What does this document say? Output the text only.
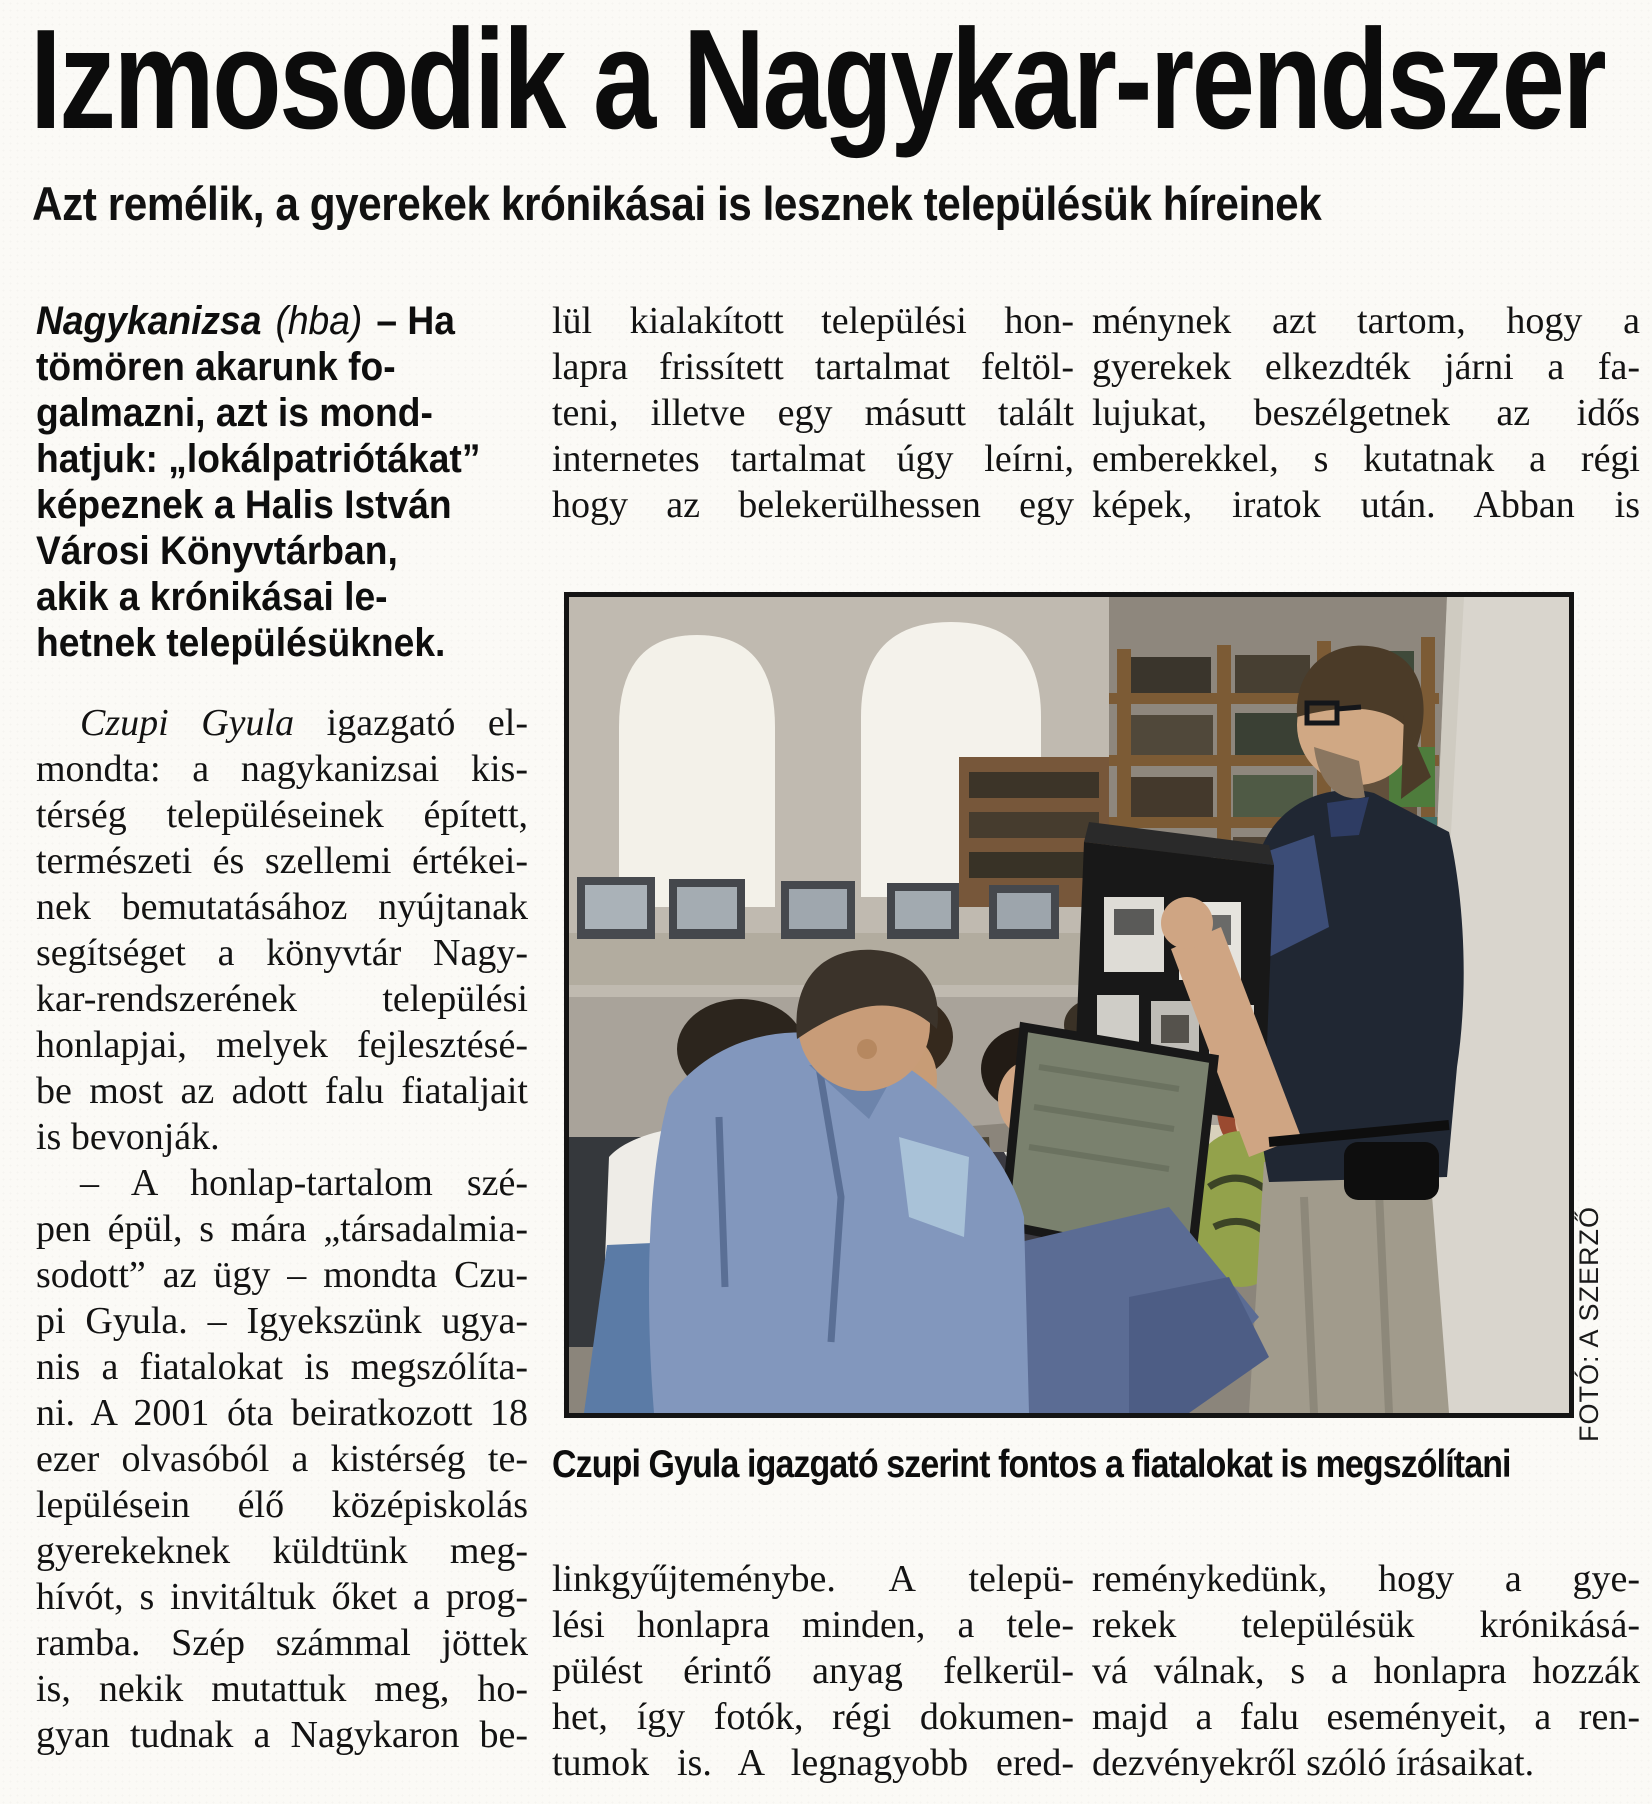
Izmosodik a Nagykar-rendszer
Azt remélik, a gyerekek krónikásai is lesznek településük híreinek
Nagykanizsa (hba) – Ha
tömören akarunk fo-
galmazni, azt is mond-
hatjuk: „lokálpatriótákat”
képeznek a Halis István
Városi Könyvtárban,
akik a krónikásai le-
hetnek településüknek.
Czupi Gyula igazgató el-
mondta: a nagykanizsai kis-
térség településeinek épített,
természeti és szellemi értékei-
nek bemutatásához nyújtanak
segítséget a könyvtár Nagy-
kar-rendszerének települési
honlapjai, melyek fejlesztésé-
be most az adott falu fiataljait
is bevonják.
– A honlap-tartalom szé-
pen épül, s mára „társadalmia-
sodott” az ügy – mondta Czu-
pi Gyula. – Igyekszünk ugya-
nis a fiatalokat is megszólíta-
ni. A 2001 óta beiratkozott 18
ezer olvasóból a kistérség te-
lepülésein élő középiskolás
gyerekeknek küldtünk meg-
hívót, s invitáltuk őket a prog-
ramba. Szép számmal jöttek
is, nekik mutattuk meg, ho-
gyan tudnak a Nagykaron be-
lül kialakított települési hon-
lapra frissített tartalmat feltöl-
teni, illetve egy másutt talált
internetes tartalmat úgy leírni,
hogy az belekerülhessen egy
ménynek azt tartom, hogy a
gyerekek elkezdték járni a fa-
lujukat, beszélgetnek az idős
emberekkel, s kutatnak a régi
képek, iratok után. Abban is
FOTÓ: A SZERZŐ
Czupi Gyula igazgató szerint fontos a fiatalokat is megszólítani
linkgyűjteménybe. A telepü-
lési honlapra minden, a tele-
pülést érintő anyag felkerül-
het, így fotók, régi dokumen-
tumok is. A legnagyobb ered-
reménykedünk, hogy a gye-
rekek településük krónikásá-
vá válnak, s a honlapra hozzák
majd a falu eseményeit, a ren-
dezvényekről szóló írásaikat.
